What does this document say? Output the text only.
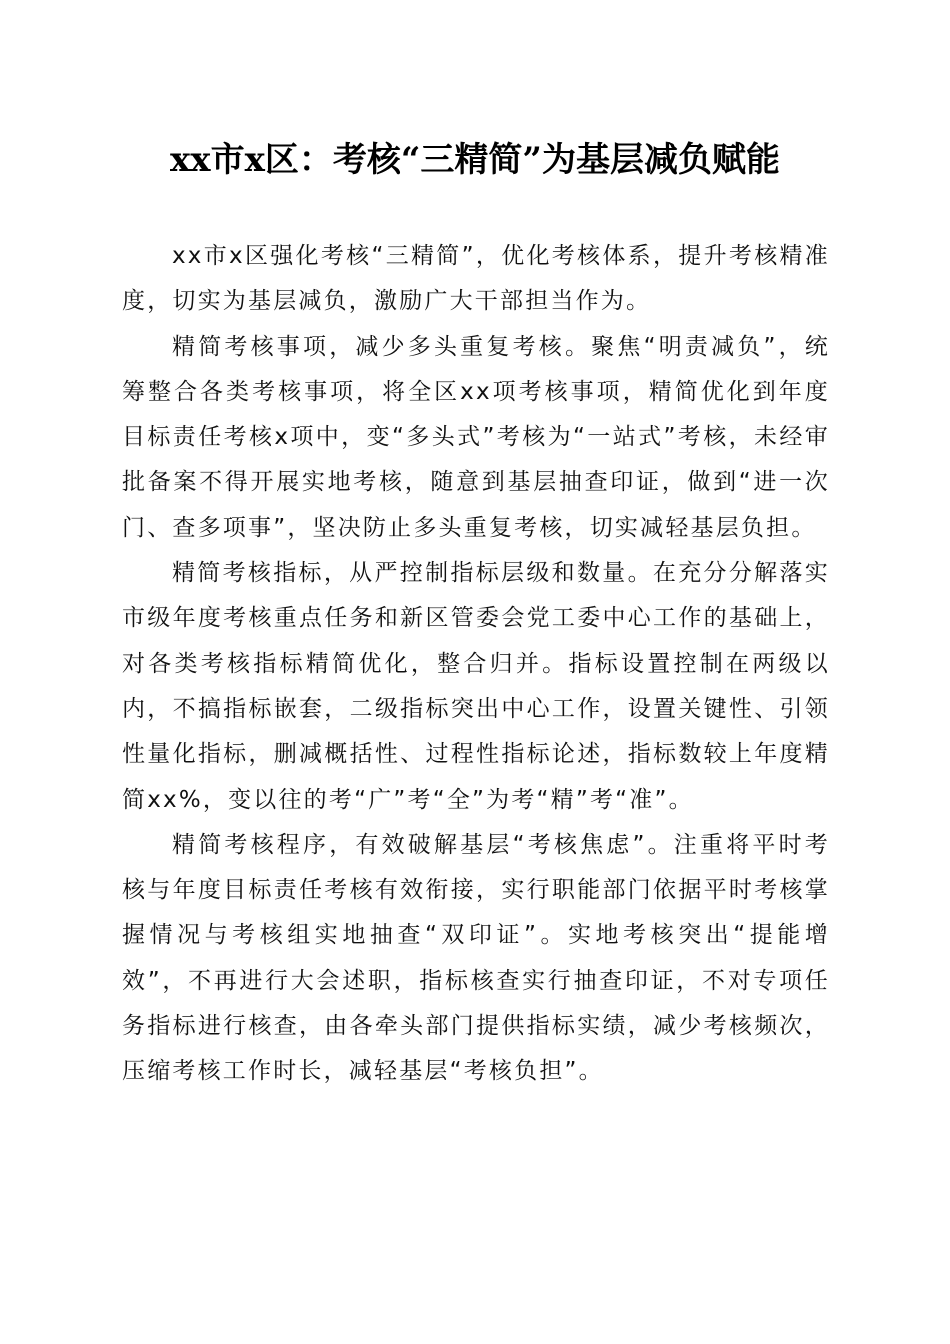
xx市x区：考核“三精简”为基层减负赋能

xx市x区强化考核“三精简”，优化考核体系，提升考核精准度，切实为基层减负，激励广大干部担当作为。

精简考核事项，减少多头重复考核。聚焦“明责减负”，统筹整合各类考核事项，将全区xx项考核事项，精简优化到年度目标责任考核x项中，变“多头式”考核为“一站式”考核，未经审批备案不得开展实地考核，随意到基层抽查印证，做到“进一次门、查多项事”，坚决防止多头重复考核，切实减轻基层负担。

精简考核指标，从严控制指标层级和数量。在充分分解落实市级年度考核重点任务和新区管委会党工委中心工作的基础上，对各类考核指标精简优化，整合归并。指标设置控制在两级以内，不搞指标嵌套，二级指标突出中心工作，设置关键性、引领性量化指标，删减概括性、过程性指标论述，指标数较上年度精简xx%，变以往的考“广”考“全”为考“精”考“准”。

精简考核程序，有效破解基层“考核焦虑”。注重将平时考核与年度目标责任考核有效衔接，实行职能部门依据平时考核掌握情况与考核组实地抽查“双印证”。实地考核突出“提能增效”，不再进行大会述职，指标核查实行抽查印证，不对专项任务指标进行核查，由各牵头部门提供指标实绩，减少考核频次，压缩考核工作时长，减轻基层“考核负担”。
